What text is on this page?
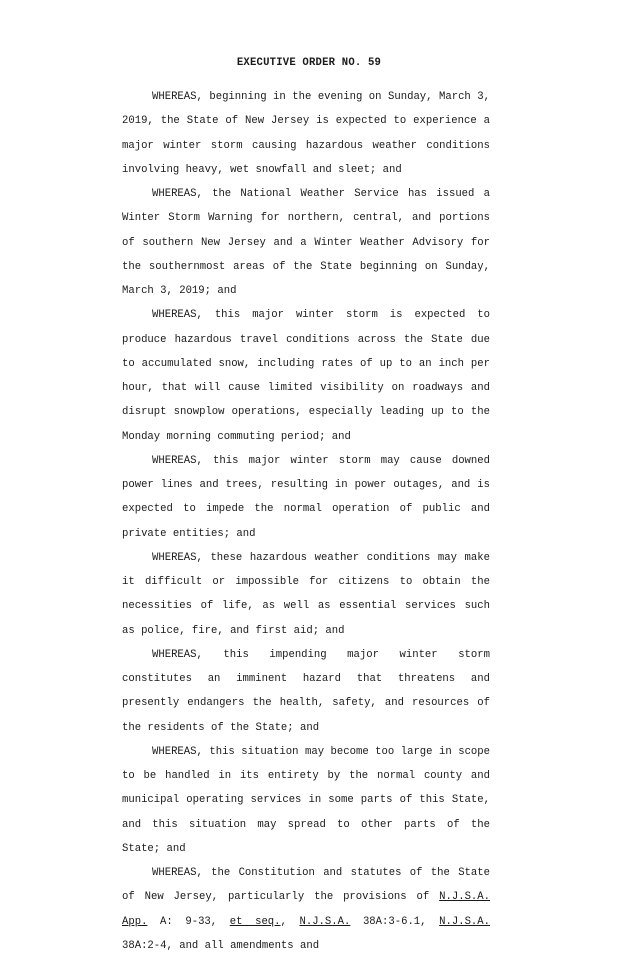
EXECUTIVE ORDER NO. 59

WHEREAS, beginning in the evening on Sunday, March 3, 2019, the State of New Jersey is expected to experience a major winter storm causing hazardous weather conditions involving heavy, wet snowfall and sleet; and

WHEREAS, the National Weather Service has issued a Winter Storm Warning for northern, central, and portions of southern New Jersey and a Winter Weather Advisory for the southernmost areas of the State beginning on Sunday, March 3, 2019; and

WHEREAS, this major winter storm is expected to produce hazardous travel conditions across the State due to accumulated snow, including rates of up to an inch per hour, that will cause limited visibility on roadways and disrupt snowplow operations, especially leading up to the Monday morning commuting period; and

WHEREAS, this major winter storm may cause downed power lines and trees, resulting in power outages, and is expected to impede the normal operation of public and private entities; and

WHEREAS, these hazardous weather conditions may make it difficult or impossible for citizens to obtain the necessities of life, as well as essential services such as police, fire, and first aid; and

WHEREAS, this impending major winter storm constitutes an imminent hazard that threatens and presently endangers the health, safety, and resources of the residents of the State; and

WHEREAS, this situation may become too large in scope to be handled in its entirety by the normal county and municipal operating services in some parts of this State, and this situation may spread to other parts of the State; and

WHEREAS, the Constitution and statutes of the State of New Jersey, particularly the provisions of N.J.S.A. App. A: 9-33, et seq., N.J.S.A. 38A:3-6.1, N.J.S.A. 38A:2-4, and all amendments and
